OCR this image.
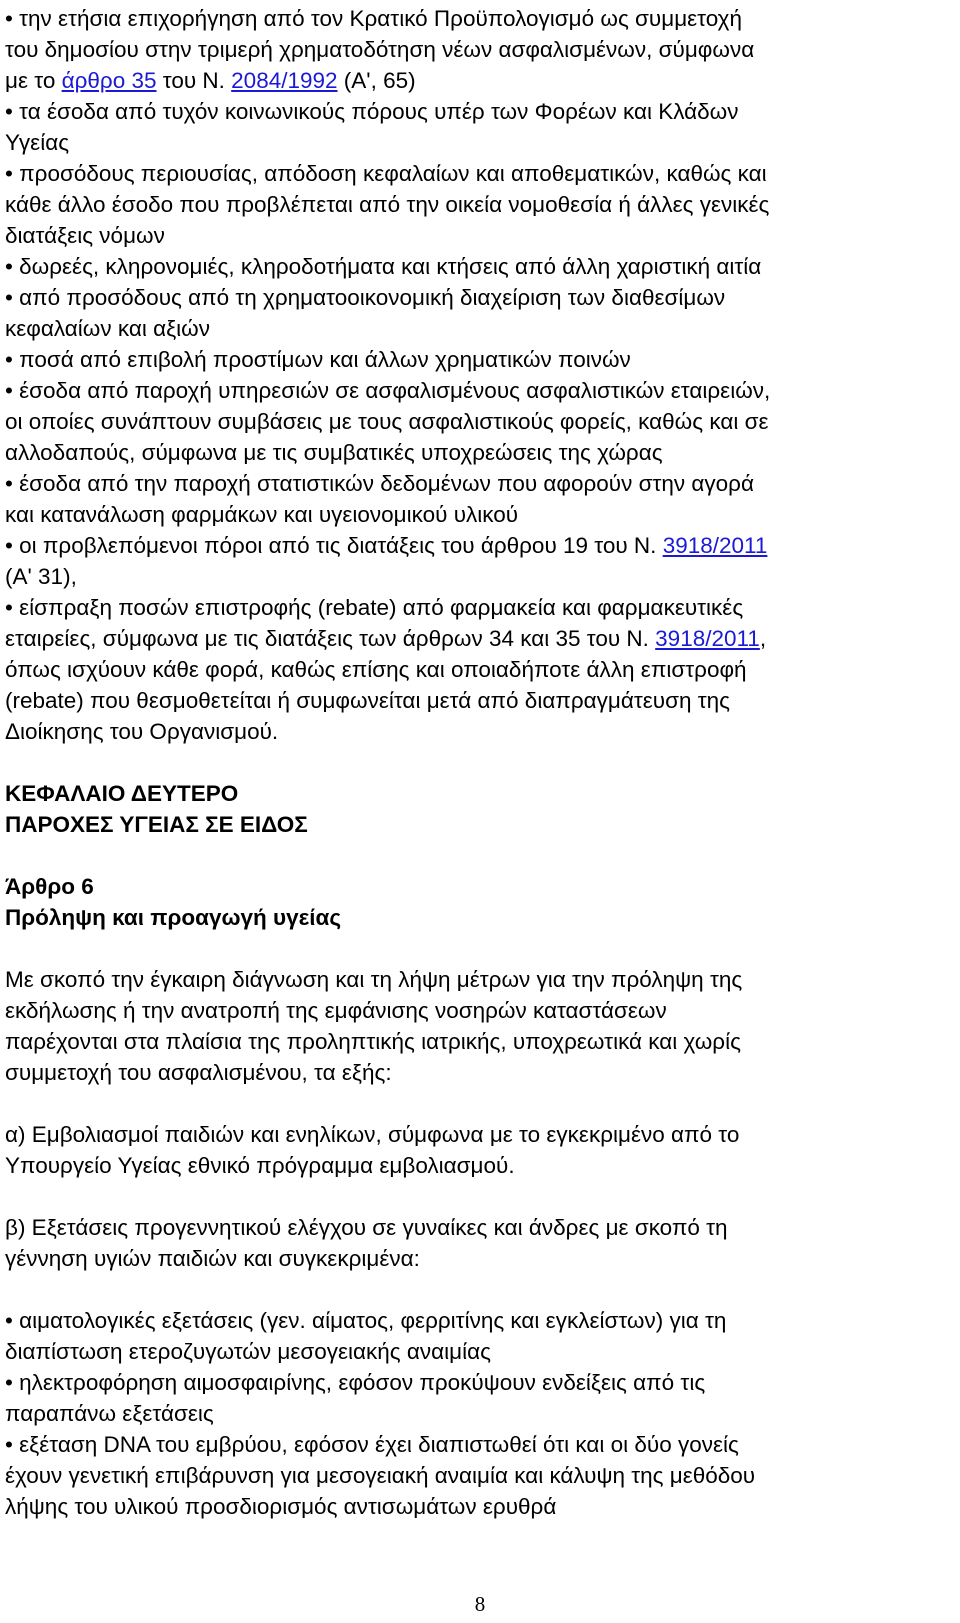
• την ετήσια επιχορήγηση από τον Κρατικό Προϋπολογισμό ως συμμετοχή

του δημοσίου στην τριμερή χρηματοδότηση νέων ασφαλισμένων, σύμφωνα

με το άρθρο 35 του Ν. 2084/1992 (Α', 65)

• τα έσοδα από τυχόν κοινωνικούς πόρους υπέρ των Φορέων και Κλάδων

Υγείας

• προσόδους περιουσίας, απόδοση κεφαλαίων και αποθεματικών, καθώς και

κάθε άλλο έσοδο που προβλέπεται από την οικεία νομοθεσία ή άλλες γενικές

διατάξεις νόμων

• δωρεές, κληρονομιές, κληροδοτήματα και κτήσεις από άλλη χαριστική αιτία

• από προσόδους από τη χρηματοοικονομική διαχείριση των διαθεσίμων

κεφαλαίων και αξιών

• ποσά από επιβολή προστίμων και άλλων χρηματικών ποινών

• έσοδα από παροχή υπηρεσιών σε ασφαλισμένους ασφαλιστικών εταιρειών,

οι οποίες συνάπτουν συμβάσεις με τους ασφαλιστικούς φορείς, καθώς και σε

αλλοδαπούς, σύμφωνα με τις συμβατικές υποχρεώσεις της χώρας

• έσοδα από την παροχή στατιστικών δεδομένων που αφορούν στην αγορά

και κατανάλωση φαρμάκων και υγειονομικού υλικού

• οι προβλεπόμενοι πόροι από τις διατάξεις του άρθρου 19 του Ν. 3918/2011

(Α' 31),

• είσπραξη ποσών επιστροφής (rebate) από φαρμακεία και φαρμακευτικές

εταιρείες, σύμφωνα με τις διατάξεις των άρθρων 34 και 35 του Ν. 3918/2011,

όπως ισχύουν κάθε φορά, καθώς επίσης και οποιαδήποτε άλλη επιστροφή

(rebate) που θεσμοθετείται ή συμφωνείται μετά από διαπραγμάτευση της

Διοίκησης του Οργανισμού.

ΚΕΦΑΛΑΙΟ ΔΕΥΤΕΡΟ

ΠΑΡΟΧΕΣ ΥΓΕΙΑΣ ΣΕ ΕΙΔΟΣ

Άρθρο 6

Πρόληψη και προαγωγή υγείας

Με σκοπό την έγκαιρη διάγνωση και τη λήψη μέτρων για την πρόληψη της

εκδήλωσης ή την ανατροπή της εμφάνισης νοσηρών καταστάσεων

παρέχονται στα πλαίσια της προληπτικής ιατρικής, υποχρεωτικά και χωρίς

συμμετοχή του ασφαλισμένου, τα εξής:

α) Εμβολιασμοί παιδιών και ενηλίκων, σύμφωνα με το εγκεκριμένο από το

Υπουργείο Υγείας εθνικό πρόγραμμα εμβολιασμού.

β) Εξετάσεις προγεννητικού ελέγχου σε γυναίκες και άνδρες με σκοπό τη

γέννηση υγιών παιδιών και συγκεκριμένα:

• αιματολογικές εξετάσεις (γεν. αίματος, φερριτίνης και εγκλείστων) για τη

διαπίστωση ετεροζυγωτών μεσογειακής αναιμίας

• ηλεκτροφόρηση αιμοσφαιρίνης, εφόσον προκύψουν ενδείξεις από τις

παραπάνω εξετάσεις

• εξέταση DNA του εμβρύου, εφόσον έχει διαπιστωθεί ότι και οι δύο γονείς

έχουν γενετική επιβάρυνση για μεσογειακή αναιμία και κάλυψη της μεθόδου

λήψης του υλικού προσδιορισμός αντισωμάτων ερυθρά

8
